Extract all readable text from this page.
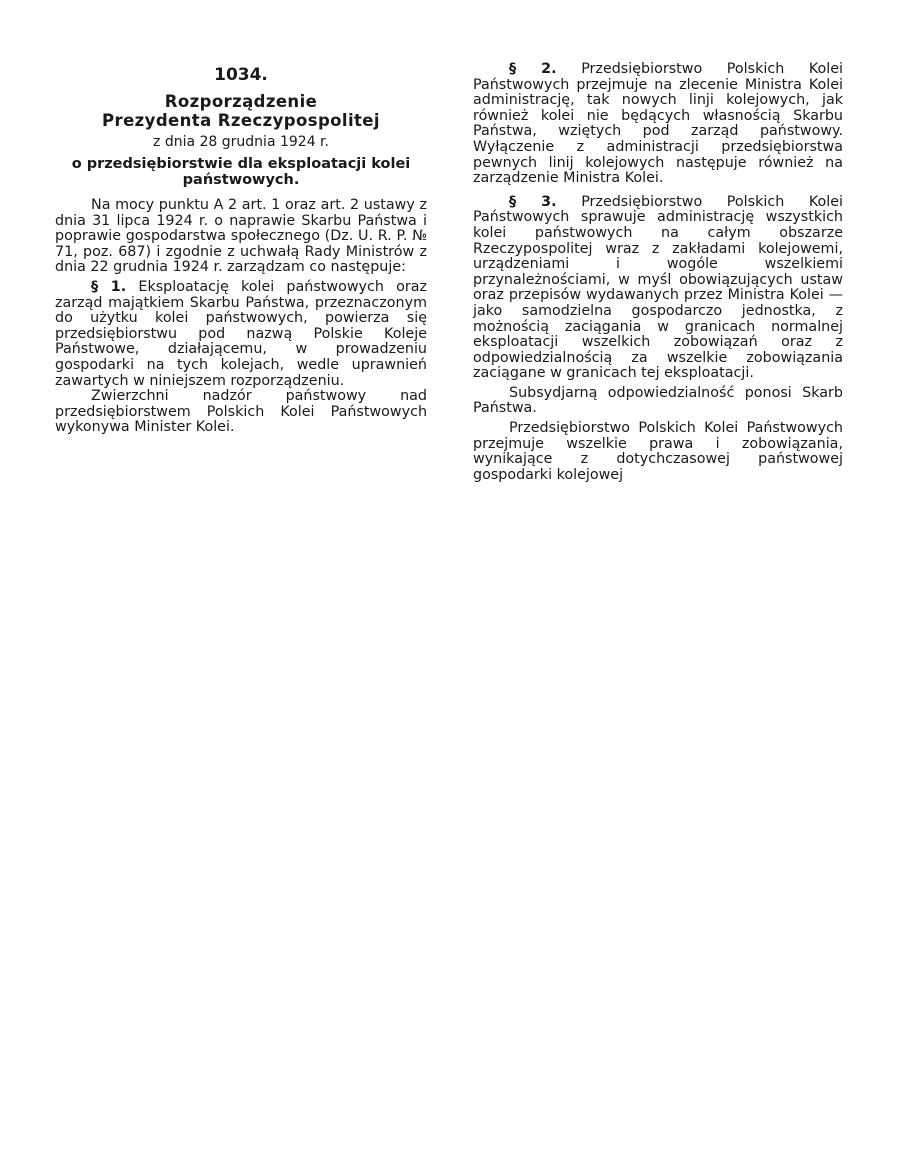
1034.
Rozporządzenie
Prezydenta Rzeczypospolitej
z dnia 28 grudnia 1924 r.
o przedsiębiorstwie dla eksploatacji kolei państwowych.

Na mocy punktu A 2 art. 1 oraz art. 2 ustawy z dnia 31 lipca 1924 r. o naprawie Skarbu Państwa i poprawie gospodarstwa społecznego (Dz. U. R. P. № 71, poz. 687) i zgodnie z uchwałą Rady Ministrów z dnia 22 grudnia 1924 r. zarządzam co następuje:

§ 1. Eksploatację kolei państwowych oraz zarząd majątkiem Skarbu Państwa, przeznaczonym do użytku kolei państwowych, powierza się przedsiębiorstwu pod nazwą Polskie Koleje Państwowe, działającemu, w prowadzeniu gospodarki na tych kolejach, wedle uprawnień zawartych w niniejszem rozporządzeniu.

Zwierzchni nadzór państwowy nad przedsiębiorstwem Polskich Kolei Państwowych wykonywa Minister Kolei.

§ 2. Przedsiębiorstwo Polskich Kolei Państwowych przejmuje na zlecenie Ministra Kolei administrację, tak nowych linji kolejowych, jak również kolei nie będących własnością Skarbu Państwa, wziętych pod zarząd państwowy. Wyłączenie z administracji przedsiębiorstwa pewnych linij kolejowych następuje również na zarządzenie Ministra Kolei.

§ 3. Przedsiębiorstwo Polskich Kolei Państwowych sprawuje administrację wszystkich kolei państwowych na całym obszarze Rzeczypospolitej wraz z zakładami kolejowemi, urządzeniami i wogóle wszelkiemi przynależnościami, w myśl obowiązujących ustaw oraz przepisów wydawanych przez Ministra Kolei — jako samodzielna gospodarczo jednostka, z możnością zaciągania w granicach normalnej eksploatacji wszelkich zobowiązań oraz z odpowiedzialnością za wszelkie zobowiązania zaciągane w granicach tej eksploatacji.

Subsydjarną odpowiedzialność ponosi Skarb Państwa.

Przedsiębiorstwo Polskich Kolei Państwowych przejmuje wszelkie prawa i zobowiązania, wynikające z dotychczasowej państwowej gospodarki kolejowej
